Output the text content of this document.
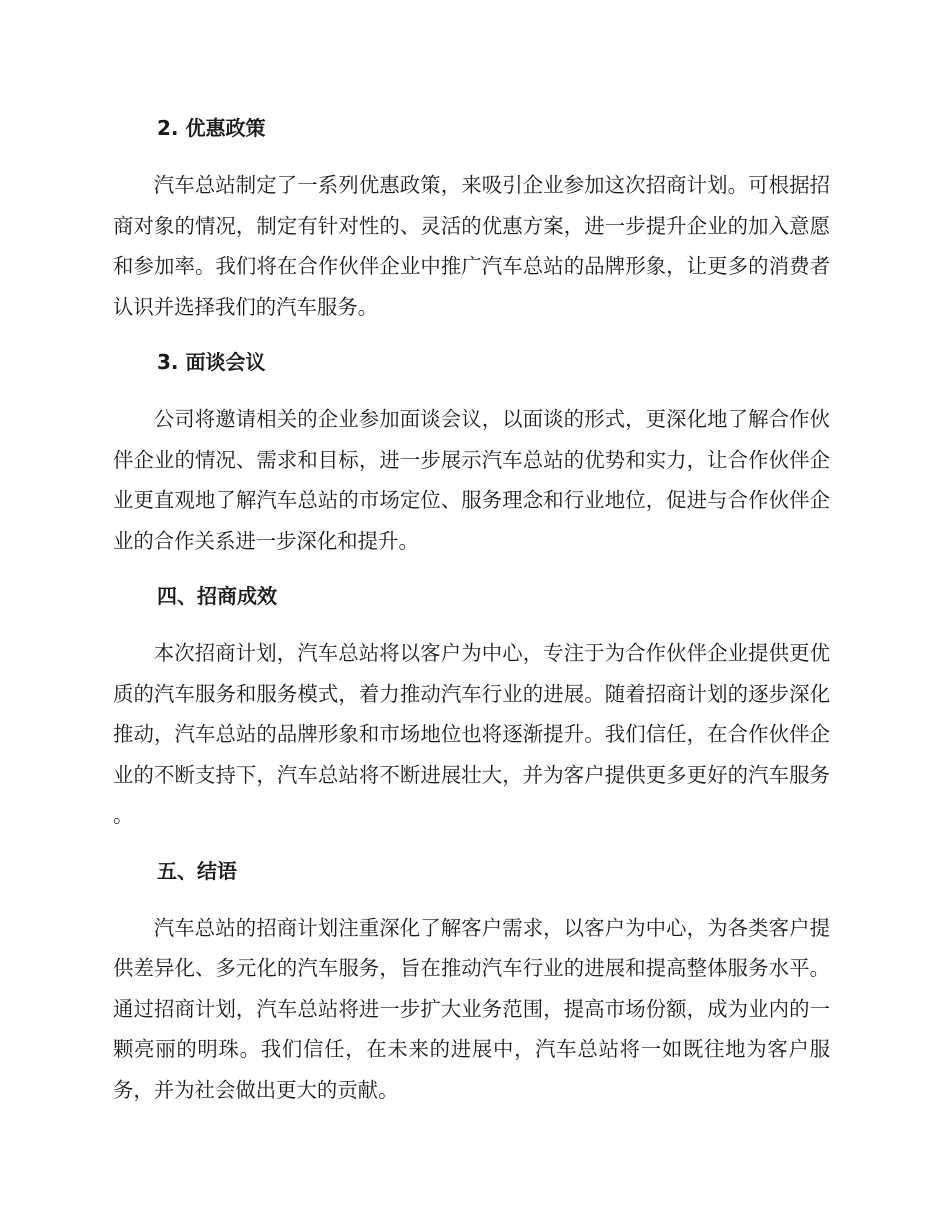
2. 优惠政策

汽车总站制定了一系列优惠政策，来吸引企业参加这次招商计划。可根据招商对象的情况，制定有针对性的、灵活的优惠方案，进一步提升企业的加入意愿和参加率。我们将在合作伙伴企业中推广汽车总站的品牌形象，让更多的消费者认识并选择我们的汽车服务。

3. 面谈会议

公司将邀请相关的企业参加面谈会议，以面谈的形式，更深化地了解合作伙伴企业的情况、需求和目标，进一步展示汽车总站的优势和实力，让合作伙伴企业更直观地了解汽车总站的市场定位、服务理念和行业地位，促进与合作伙伴企业的合作关系进一步深化和提升。

四、招商成效

本次招商计划，汽车总站将以客户为中心，专注于为合作伙伴企业提供更优质的汽车服务和服务模式，着力推动汽车行业的进展。随着招商计划的逐步深化推动，汽车总站的品牌形象和市场地位也将逐渐提升。我们信任，在合作伙伴企业的不断支持下，汽车总站将不断进展壮大，并为客户提供更多更好的汽车服务 。

五、结语

汽车总站的招商计划注重深化了解客户需求，以客户为中心，为各类客户提供差异化、多元化的汽车服务，旨在推动汽车行业的进展和提高整体服务水平。通过招商计划，汽车总站将进一步扩大业务范围，提高市场份额，成为业内的一颗亮丽的明珠。我们信任，在未来的进展中，汽车总站将一如既往地为客户服务，并为社会做出更大的贡献。
